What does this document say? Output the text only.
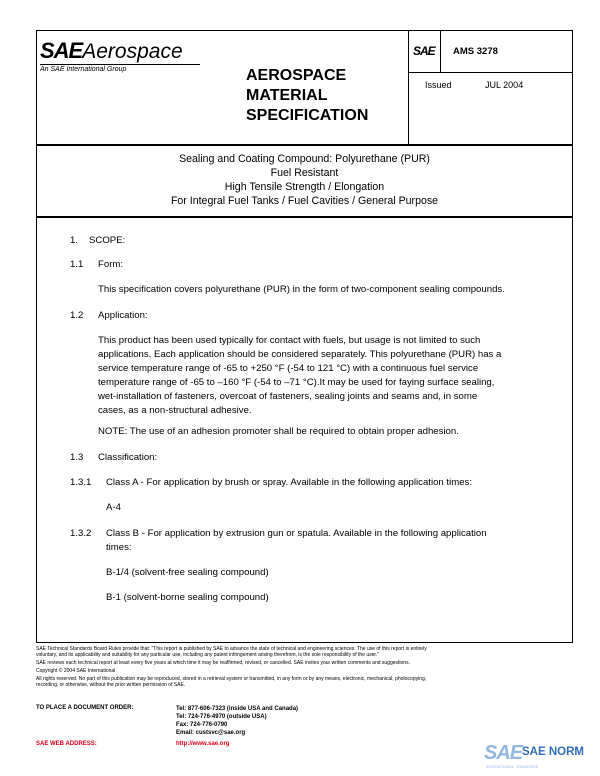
SAEAerospace
An SAE International Group	AEROSPACE
MATERIAL
SPECIFICATION
SAE AMS 3278
Issued	JUL 2004
Sealing and Coating Compound: Polyurethane (PUR)
Fuel Resistant
High Tensile Strength / Elongation
For Integral Fuel Tanks / Fuel Cavities / General Purpose
1. SCOPE:
1.1 Form:
This specification covers polyurethane (PUR) in the form of two-component sealing compounds.
1.2 Application:
This product has been used typically for contact with fuels, but usage is not limited to such
applications. Each application should be considered separately. This polyurethane (PUR) has a
service temperature range of -65 to +250 °F (-54 to 121 °C) with a continuous fuel service
temperature range of -65 to –160 °F (-54 to –71 °C).It may be used for faying surface sealing,
wet-installation of fasteners, overcoat of fasteners, sealing joints and seams and, in some
cases, as a non-structural adhesive.
NOTE: The use of an adhesion promoter shall be required to obtain proper adhesion.
1.3 Classification:
1.3.1 Class A - For application by brush or spray. Available in the following application times:
A-4
1.3.2 Class B - For application by extrusion gun or spatula. Available in the following application
times:
B-1/4 (solvent-free sealing compound)
B-1 (solvent-borne sealing compound)
SAE Technical Standards Board Rules provide that: "This report is published by SAE to advance the state of technical and engineering sciences. The use of this report is entirely
voluntary, and its applicability and suitability for any particular use, including any patent infringement arising therefrom, is the sole responsibility of the user."
SAE reviews each technical report at least every five years at which time it may be reaffirmed, revised, or cancelled. SAE invites your written comments and suggestions.
Copyright © 2004 SAE International
All rights reserved. No part of this publication may be reproduced, stored in a retrieval system or transmitted, in any form or by any means, electronic, mechanical, photocopying,
recording, or otherwise, without the prior written permission of SAE.
TO PLACE A DOCUMENT ORDER:	Tel: 877-606-7323 (inside USA and Canada)
Tel: 724-776-4970 (outside USA)
Fax: 724-776-0790
Email: custsvc@sae.org
SAE WEB ADDRESS:	http://www.sae.org	SAE SAE NORM
INTERNATIONAL · STANDARDS
